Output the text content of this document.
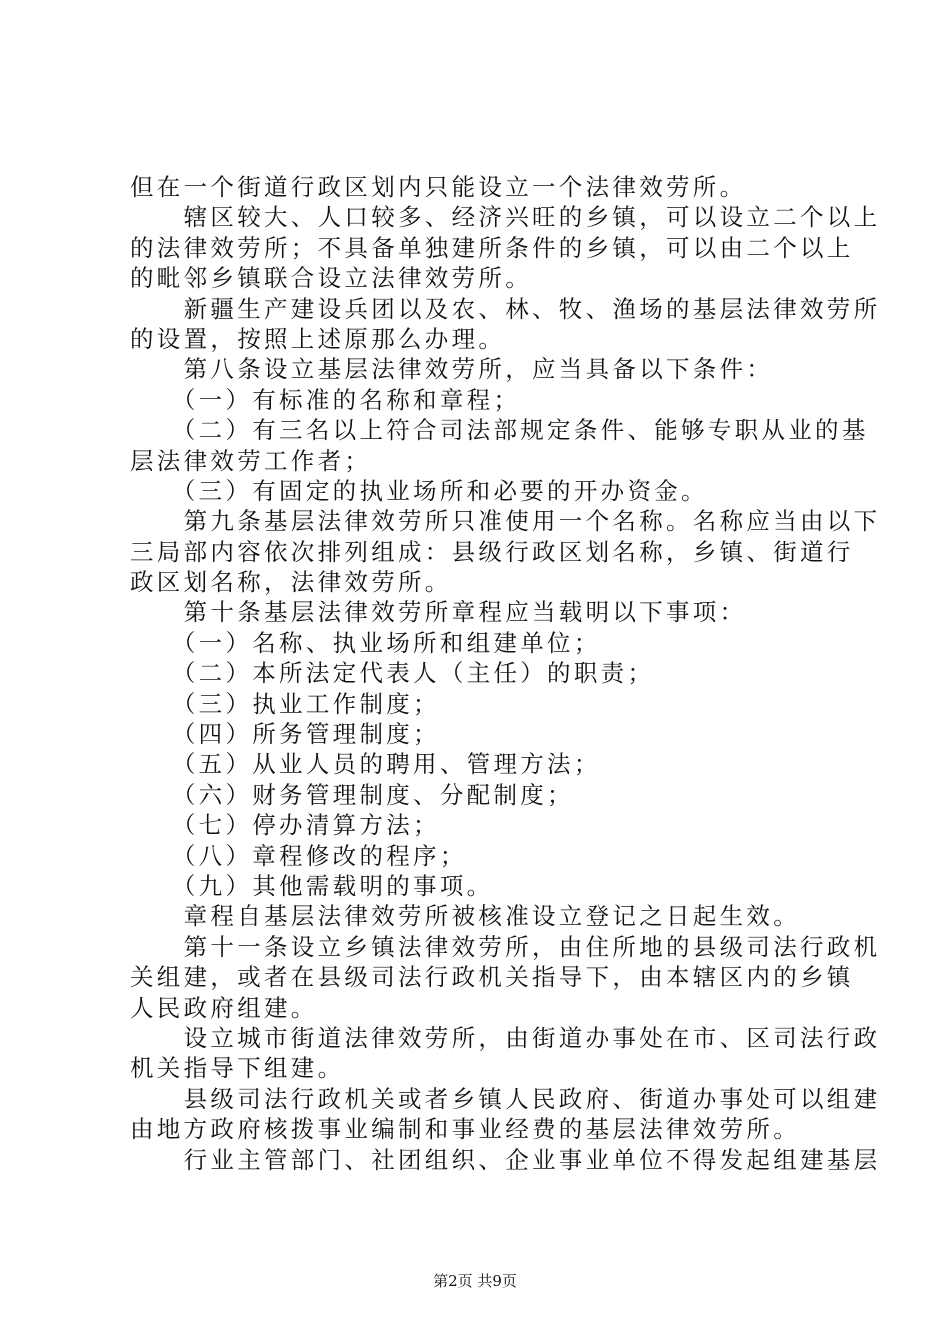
但在一个街道行政区划内只能设立一个法律效劳所。
　　辖区较大、人口较多、经济兴旺的乡镇，可以设立二个以上
的法律效劳所；不具备单独建所条件的乡镇，可以由二个以上
的毗邻乡镇联合设立法律效劳所。
　　新疆生产建设兵团以及农、林、牧、渔场的基层法律效劳所
的设置，按照上述原那么办理。
　　第八条设立基层法律效劳所，应当具备以下条件：
　　（一）有标准的名称和章程；
　　（二）有三名以上符合司法部规定条件、能够专职从业的基
层法律效劳工作者；
　　（三）有固定的执业场所和必要的开办资金。
　　第九条基层法律效劳所只准使用一个名称。名称应当由以下
三局部内容依次排列组成：县级行政区划名称，乡镇、街道行
政区划名称，法律效劳所。
　　第十条基层法律效劳所章程应当载明以下事项：
　　（一）名称、执业场所和组建单位；
　　（二）本所法定代表人（主任）的职责；
　　（三）执业工作制度；
　　（四）所务管理制度；
　　（五）从业人员的聘用、管理方法；
　　（六）财务管理制度、分配制度；
　　（七）停办清算方法；
　　（八）章程修改的程序；
　　（九）其他需载明的事项。
　　章程自基层法律效劳所被核准设立登记之日起生效。
　　第十一条设立乡镇法律效劳所，由住所地的县级司法行政机
关组建，或者在县级司法行政机关指导下，由本辖区内的乡镇
人民政府组建。
　　设立城市街道法律效劳所，由街道办事处在市、区司法行政
机关指导下组建。
　　县级司法行政机关或者乡镇人民政府、街道办事处可以组建
由地方政府核拨事业编制和事业经费的基层法律效劳所。
　　行业主管部门、社团组织、企业事业单位不得发起组建基层
第2页 共9页
